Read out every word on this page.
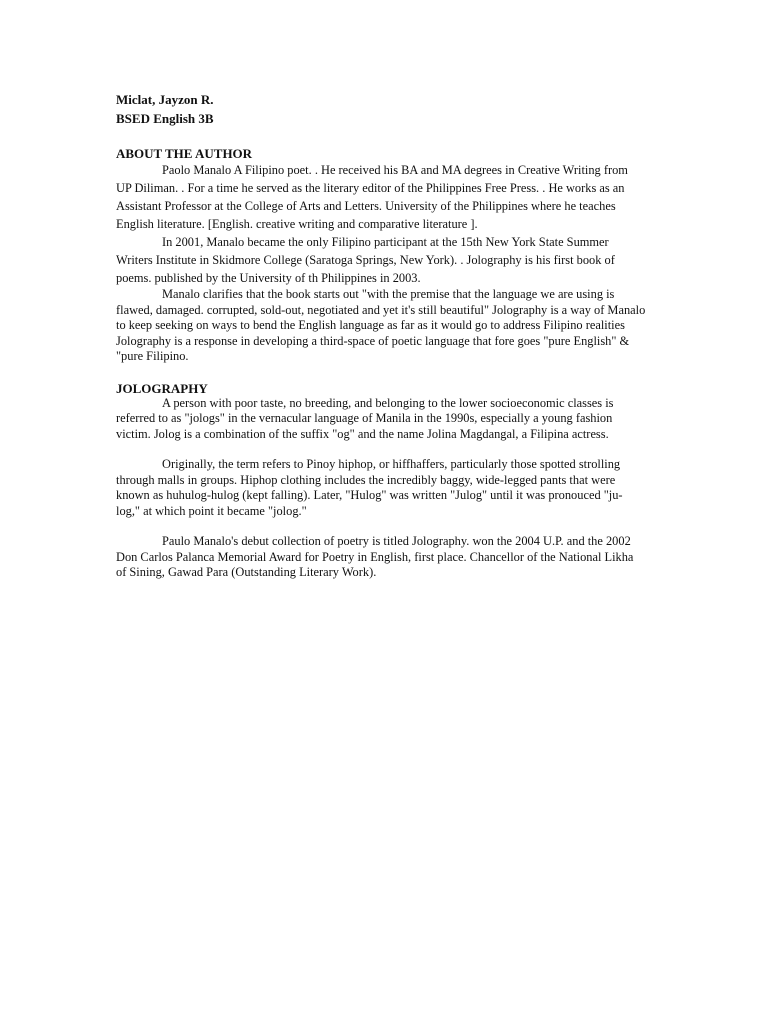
Miclat, Jayzon R.

BSED English 3B

ABOUT THE AUTHOR

Paolo Manalo A Filipino poet. . He received his BA and MA degrees in Creative Writing from UP Diliman. . For a time he served as the literary editor of the Philippines Free Press. . He works as an Assistant Professor at the College of Arts and Letters. University of the Philippines where he teaches English literature. [English. creative writing and comparative literature ].

In 2001, Manalo became the only Filipino participant at the 15th New York State Summer Writers Institute in Skidmore College (Saratoga Springs, New York). . Jolography is his first book of poems. published by the University of th Philippines in 2003.

Manalo clarifies that the book starts out "with the premise that the language we are using is flawed, damaged. corrupted, sold-out, negotiated and yet it's still beautiful" Jolography is a way of Manalo to keep seeking on ways to bend the English language as far as it would go to address Filipino realities Jolography is a response in developing a third-space of poetic language that fore goes "pure English" & "pure Filipino.

JOLOGRAPHY

A person with poor taste, no breeding, and belonging to the lower socioeconomic classes is referred to as "jologs" in the vernacular language of Manila in the 1990s, especially a young fashion victim. Jolog is a combination of the suffix "og" and the name Jolina Magdangal, a Filipina actress.

Originally, the term refers to Pinoy hiphop, or hiffhaffers, particularly those spotted strolling through malls in groups. Hiphop clothing includes the incredibly baggy, wide-legged pants that were known as huhulog-hulog (kept falling). Later, "Hulog" was written "Julog" until it was pronouced "ju-log," at which point it became "jolog."

Paulo Manalo's debut collection of poetry is titled Jolography. won the 2004 U.P. and the 2002 Don Carlos Palanca Memorial Award for Poetry in English, first place. Chancellor of the National Likha of Sining, Gawad Para (Outstanding Literary Work).
